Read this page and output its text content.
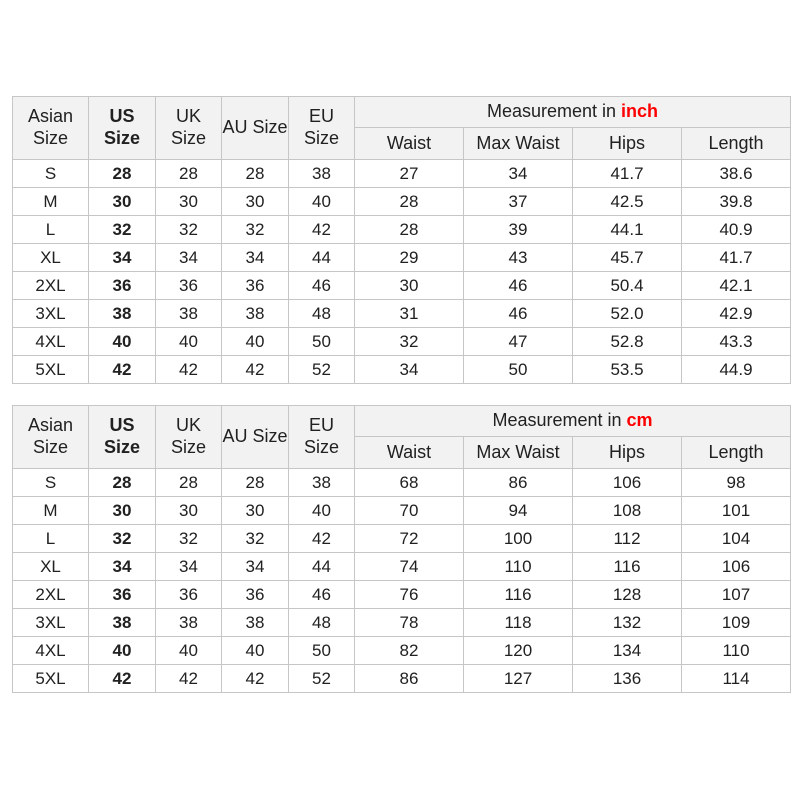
Asian Size	US Size	UK Size	AU Size	EU Size	Measurement in inch			
					Waist	Max Waist	Hips	Length
S	28	28	28	38	27	34	41.7	38.6
M	30	30	30	40	28	37	42.5	39.8
L	32	32	32	42	28	39	44.1	40.9
XL	34	34	34	44	29	43	45.7	41.7
2XL	36	36	36	46	30	46	50.4	42.1
3XL	38	38	38	48	31	46	52.0	42.9
4XL	40	40	40	50	32	47	52.8	43.3
5XL	42	42	42	52	34	50	53.5	44.9
Asian Size	US Size	UK Size	AU Size	EU Size	Measurement in cm			
					Waist	Max Waist	Hips	Length
S	28	28	28	38	68	86	106	98
M	30	30	30	40	70	94	108	101
L	32	32	32	42	72	100	112	104
XL	34	34	34	44	74	110	116	106
2XL	36	36	36	46	76	116	128	107
3XL	38	38	38	48	78	118	132	109
4XL	40	40	40	50	82	120	134	110
5XL	42	42	42	52	86	127	136	114
